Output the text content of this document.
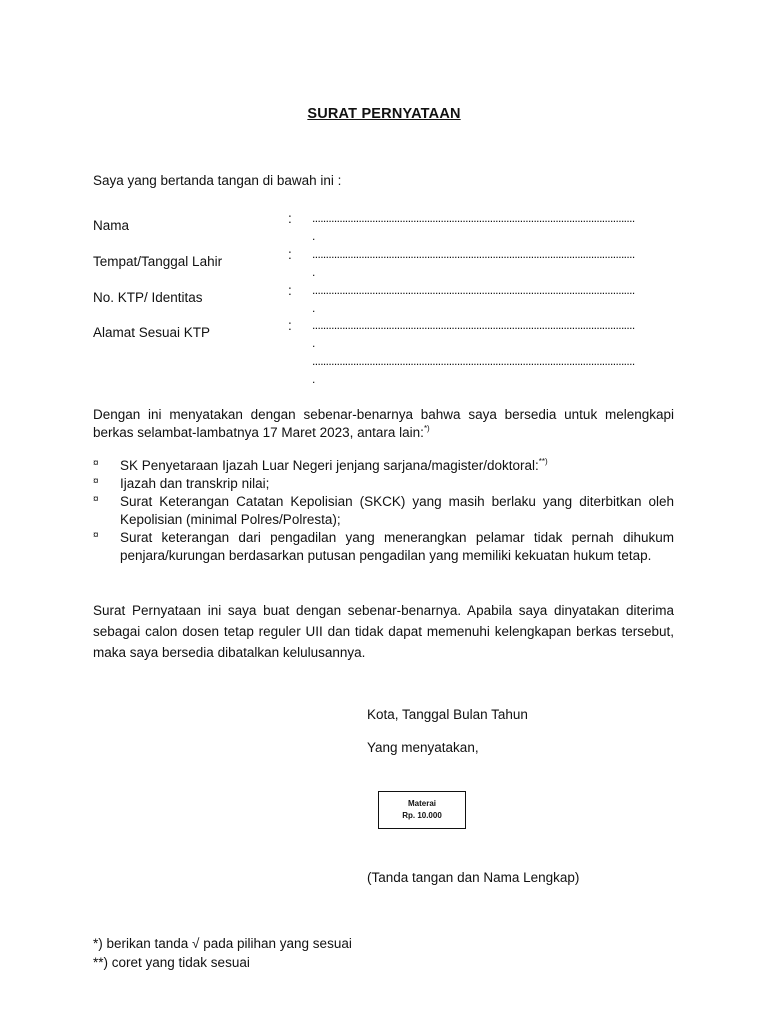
SURAT PERNYATAAN
Saya yang bertanda tangan di bawah ini :
Nama	: ......................................................................................................................
.
Tempat/Tanggal Lahir	: ......................................................................................................................
.
No. KTP/ Identitas	: ......................................................................................................................
.
Alamat Sesuai KTP	: ......................................................................................................................
.
......................................................................................................................
.
Dengan ini menyatakan dengan sebenar-benarnya bahwa saya bersedia untuk melengkapi berkas selambat-lambatnya 17 Maret 2023, antara lain:*)
¤ SK Penyetaraan Ijazah Luar Negeri jenjang sarjana/magister/doktoral:**)
¤ Ijazah dan transkrip nilai;
¤ Surat Keterangan Catatan Kepolisian (SKCK) yang masih berlaku yang diterbitkan oleh Kepolisian (minimal Polres/Polresta);
¤ Surat keterangan dari pengadilan yang menerangkan pelamar tidak pernah dihukum penjara/kurungan berdasarkan putusan pengadilan yang memiliki kekuatan hukum tetap.
Surat Pernyataan ini saya buat dengan sebenar-benarnya. Apabila saya dinyatakan diterima sebagai calon dosen tetap reguler UII dan tidak dapat memenuhi kelengkapan berkas tersebut, maka saya bersedia dibatalkan kelulusannya.
Kota, Tanggal Bulan Tahun
Yang menyatakan,
Materai
Rp. 10.000
(Tanda tangan dan Nama Lengkap)
*) berikan tanda √ pada pilihan yang sesuai
**) coret yang tidak sesuai
